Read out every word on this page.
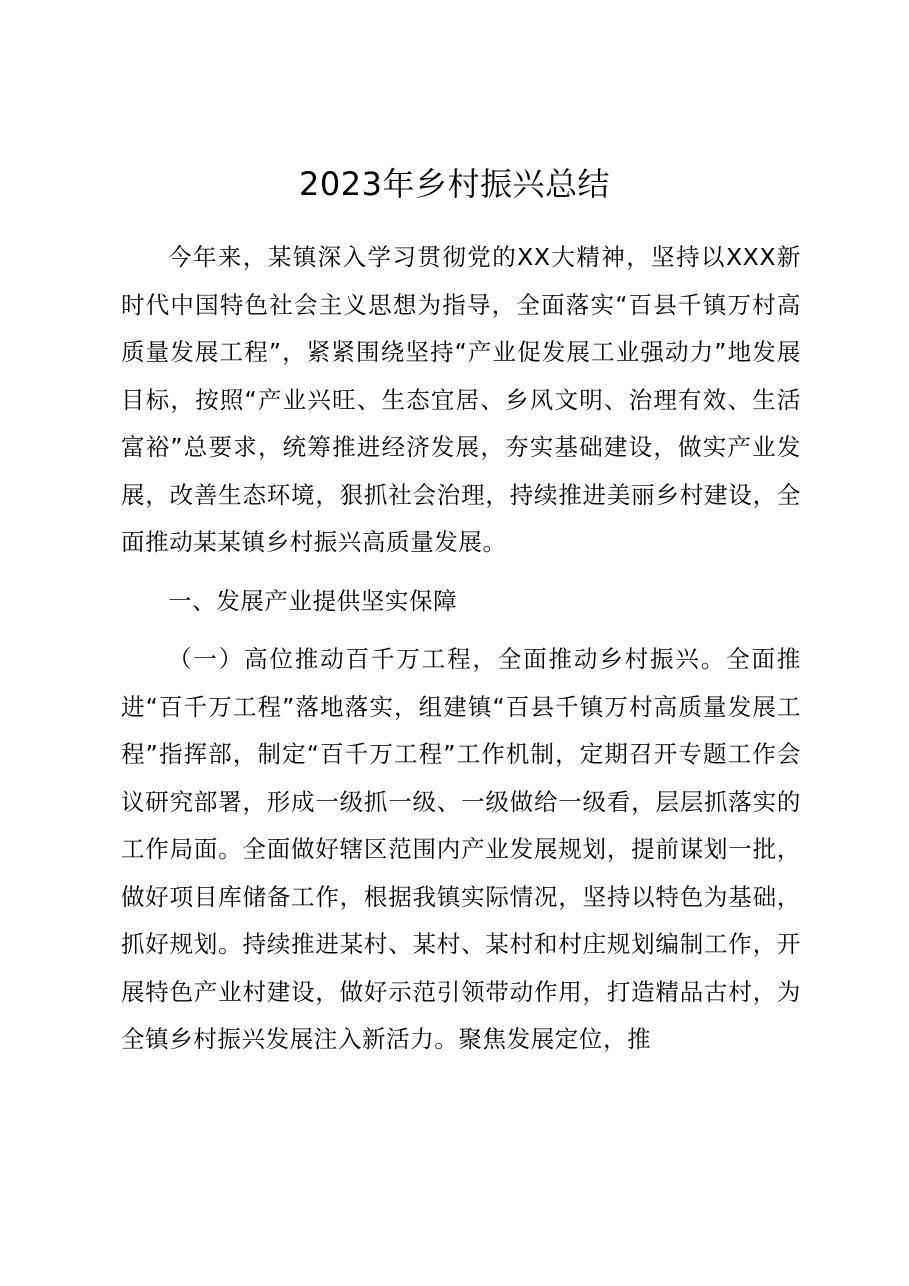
2023年乡村振兴总结

今年来，某镇深入学习贯彻党的XX大精神，坚持以XXX新时代中国特色社会主义思想为指导，全面落实“百县千镇万村高质量发展工程”，紧紧围绕坚持“产业促发展工业强动力”地发展目标，按照“产业兴旺、生态宜居、乡风文明、治理有效、生活富裕”总要求，统筹推进经济发展，夯实基础建设，做实产业发展，改善生态环境，狠抓社会治理，持续推进美丽乡村建设，全面推动某某镇乡村振兴高质量发展。

一、发展产业提供坚实保障

（一）高位推动百千万工程，全面推动乡村振兴。全面推进“百千万工程”落地落实，组建镇“百县千镇万村高质量发展工程”指挥部，制定“百千万工程”工作机制，定期召开专题工作会议研究部署，形成一级抓一级、一级做给一级看，层层抓落实的工作局面。全面做好辖区范围内产业发展规划，提前谋划一批，做好项目库储备工作，根据我镇实际情况，坚持以特色为基础，抓好规划。持续推进某村、某村、某村和村庄规划编制工作，开展特色产业村建设，做好示范引领带动作用，打造精品古村，为全镇乡村振兴发展注入新活力。聚焦发展定位，推
